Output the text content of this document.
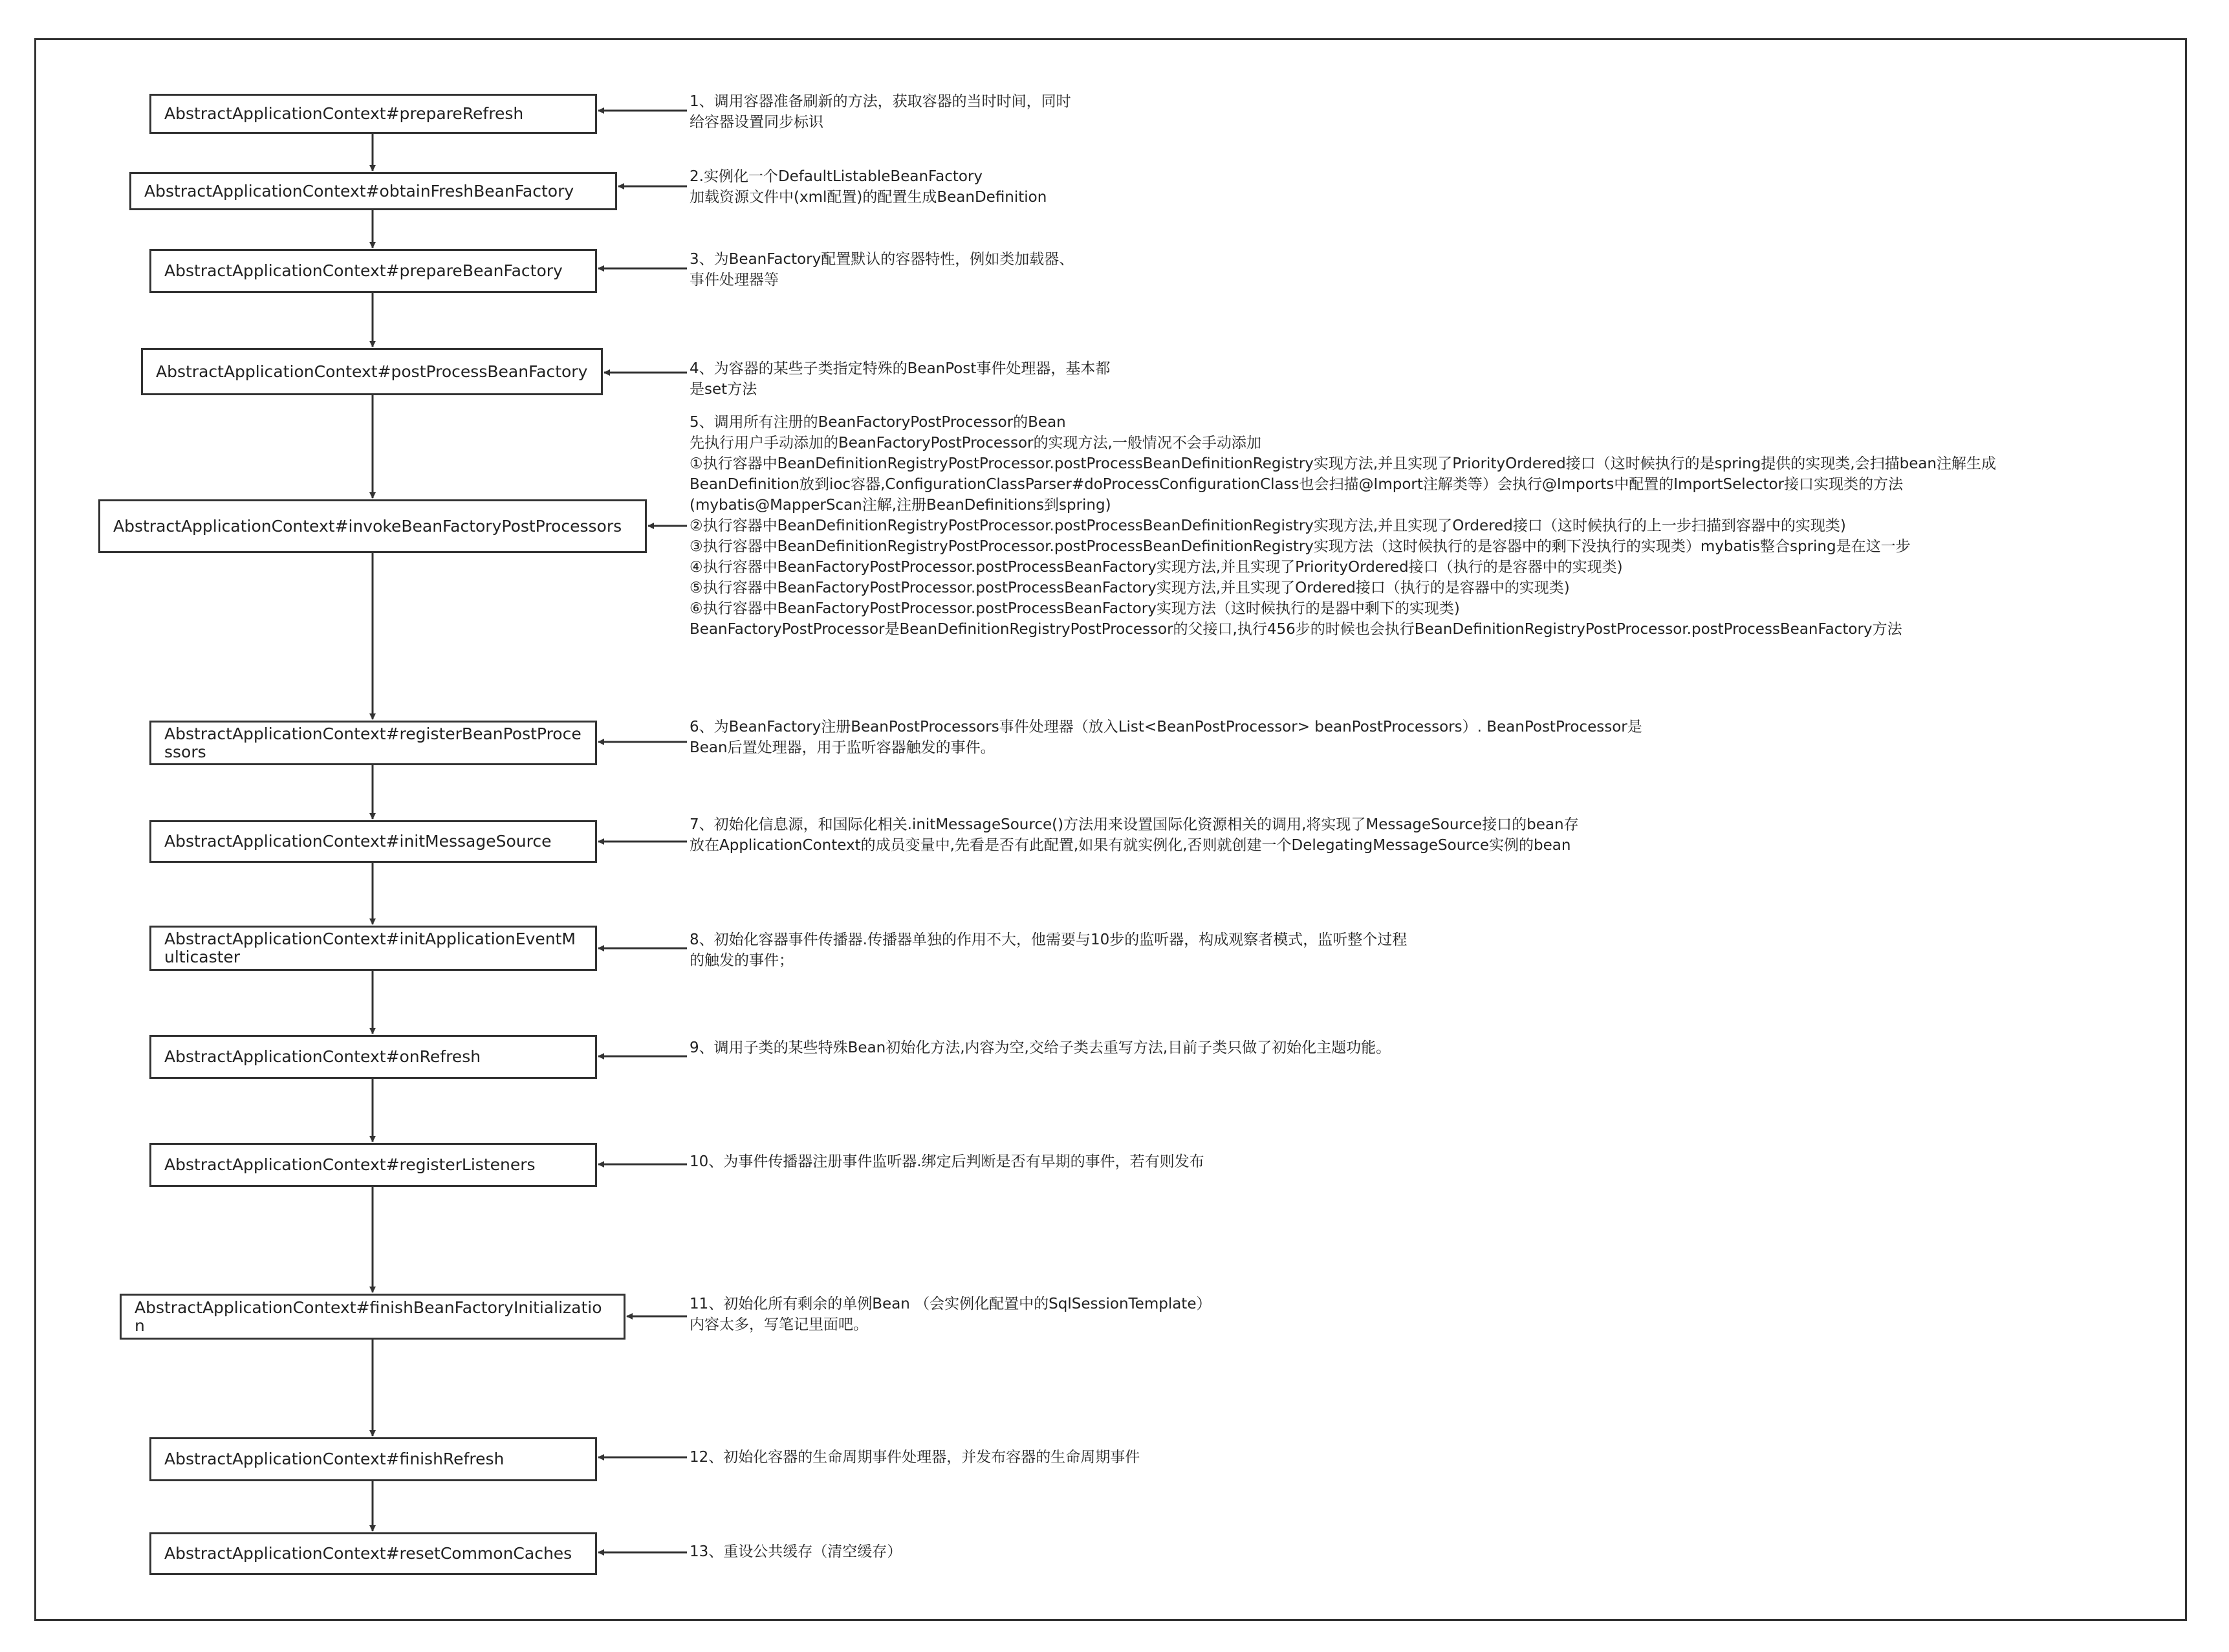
AbstractApplicationContext#prepareRefresh
1、调用容器准备刷新的方法，获取容器的当时时间，同时
给容器设置同步标识
AbstractApplicationContext#obtainFreshBeanFactory
2.实例化一个DefaultListableBeanFactory
加载资源文件中(xml配置)的配置生成BeanDefinition
AbstractApplicationContext#prepareBeanFactory
3、为BeanFactory配置默认的容器特性，例如类加载器、
事件处理器等
AbstractApplicationContext#postProcessBeanFactory	4、为容器的某些子类指定特殊的BeanPost事件处理器，基本都
是set方法
AbstractApplicationContext#invokeBeanFactoryPostProcessors
5、调用所有注册的BeanFactoryPostProcessor的Bean
先执行用户手动添加的BeanFactoryPostProcessor的实现方法,一般情况不会手动添加
①执行容器中BeanDefinitionRegistryPostProcessor.postProcessBeanDefinitionRegistry实现方法,并且实现了PriorityOrdered接口（这时候执行的是spring提供的实现类,会扫描bean注解生成
BeanDefinition放到ioc容器,ConfigurationClassParser#doProcessConfigurationClass也会扫描@Import注解类等）会执行@Imports中配置的ImportSelector接口实现类的方法
(mybatis@MapperScan注解,注册BeanDefinitions到spring)
②执行容器中BeanDefinitionRegistryPostProcessor.postProcessBeanDefinitionRegistry实现方法,并且实现了Ordered接口（这时候执行的上一步扫描到容器中的实现类)
③执行容器中BeanDefinitionRegistryPostProcessor.postProcessBeanDefinitionRegistry实现方法（这时候执行的是容器中的剩下没执行的实现类）mybatis整合spring是在这一步
④执行容器中BeanFactoryPostProcessor.postProcessBeanFactory实现方法,并且实现了PriorityOrdered接口（执行的是容器中的实现类)
⑤执行容器中BeanFactoryPostProcessor.postProcessBeanFactory实现方法,并且实现了Ordered接口（执行的是容器中的实现类)
⑥执行容器中BeanFactoryPostProcessor.postProcessBeanFactory实现方法（这时候执行的是器中剩下的实现类)
BeanFactoryPostProcessor是BeanDefinitionRegistryPostProcessor的父接口,执行456步的时候也会执行BeanDefinitionRegistryPostProcessor.postProcessBeanFactory方法
AbstractApplicationContext#registerBeanPostProcessors
6、为BeanFactory注册BeanPostProcessors事件处理器（放入List<BeanPostProcessor> beanPostProcessors）. BeanPostProcessor是
Bean后置处理器，用于监听容器触发的事件。
AbstractApplicationContext#initMessageSource
7、初始化信息源，和国际化相关.initMessageSource()方法用来设置国际化资源相关的调用,将实现了MessageSource接口的bean存
放在ApplicationContext的成员变量中,先看是否有此配置,如果有就实例化,否则就创建一个DelegatingMessageSource实例的bean
AbstractApplicationContext#initApplicationEventMulticaster
8、初始化容器事件传播器.传播器单独的作用不大，他需要与10步的监听器，构成观察者模式，监听整个过程
的触发的事件；
AbstractApplicationContext#onRefresh	9、调用子类的某些特殊Bean初始化方法,内容为空,交给子类去重写方法,目前子类只做了初始化主题功能。
AbstractApplicationContext#registerListeners	10、为事件传播器注册事件监听器.绑定后判断是否有早期的事件，若有则发布
AbstractApplicationContext#finishBeanFactoryInitialization
11、初始化所有剩余的单例Bean （会实例化配置中的SqlSessionTemplate）
内容太多，写笔记里面吧。
AbstractApplicationContext#finishRefresh	12、初始化容器的生命周期事件处理器，并发布容器的生命周期事件
AbstractApplicationContext#resetCommonCaches	13、重设公共缓存（清空缓存）
